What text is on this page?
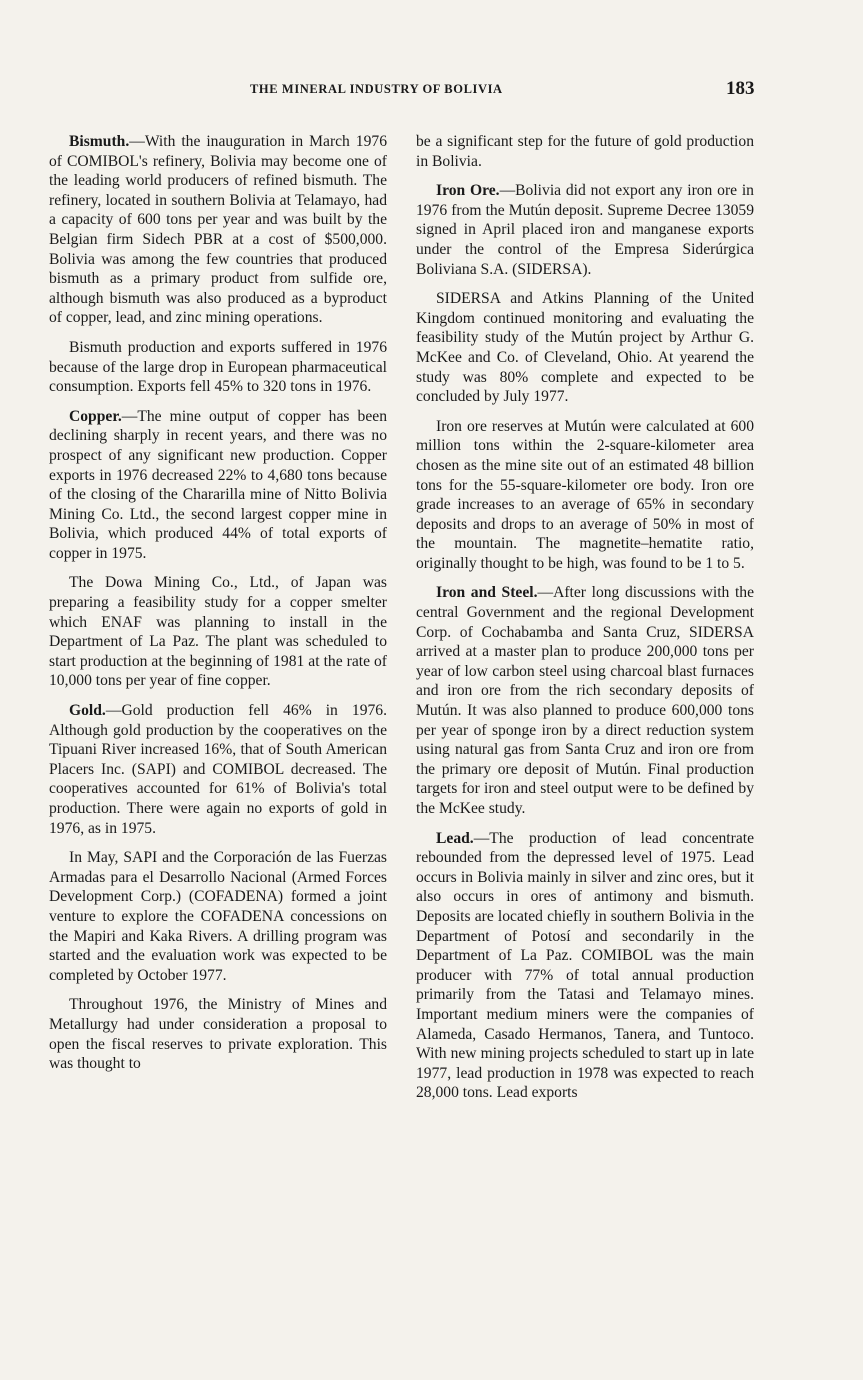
THE MINERAL INDUSTRY OF BOLIVIA	183

Bismuth.—With the inauguration in March 1976 of COMIBOL's refinery, Bolivia may become one of the leading world producers of refined bismuth. The refinery, located in southern Bolivia at Telamayo, had a capacity of 600 tons per year and was built by the Belgian firm Sidech PBR at a cost of $500,000. Bolivia was among the few countries that produced bismuth as a primary product from sulfide ore, although bismuth was also produced as a byproduct of copper, lead, and zinc mining operations.

Bismuth production and exports suffered in 1976 because of the large drop in European pharmaceutical consumption. Exports fell 45% to 320 tons in 1976.

Copper.—The mine output of copper has been declining sharply in recent years, and there was no prospect of any significant new production. Copper exports in 1976 decreased 22% to 4,680 tons because of the closing of the Chararilla mine of Nitto Bolivia Mining Co. Ltd., the second largest copper mine in Bolivia, which produced 44% of total exports of copper in 1975.

The Dowa Mining Co., Ltd., of Japan was preparing a feasibility study for a copper smelter which ENAF was planning to install in the Department of La Paz. The plant was scheduled to start production at the beginning of 1981 at the rate of 10,000 tons per year of fine copper.

Gold.—Gold production fell 46% in 1976. Although gold production by the cooperatives on the Tipuani River increased 16%, that of South American Placers Inc. (SAPI) and COMIBOL decreased. The cooperatives accounted for 61% of Bolivia's total production. There were again no exports of gold in 1976, as in 1975.

In May, SAPI and the Corporación de las Fuerzas Armadas para el Desarrollo Nacional (Armed Forces Development Corp.) (COFADENA) formed a joint venture to explore the COFADENA concessions on the Mapiri and Kaka Rivers. A drilling program was started and the evaluation work was expected to be completed by October 1977.

Throughout 1976, the Ministry of Mines and Metallurgy had under consideration a proposal to open the fiscal reserves to private exploration. This was thought to

be a significant step for the future of gold production in Bolivia.

Iron Ore.—Bolivia did not export any iron ore in 1976 from the Mutún deposit. Supreme Decree 13059 signed in April placed iron and manganese exports under the control of the Empresa Siderúrgica Boliviana S.A. (SIDERSA).

SIDERSA and Atkins Planning of the United Kingdom continued monitoring and evaluating the feasibility study of the Mutún project by Arthur G. McKee and Co. of Cleveland, Ohio. At yearend the study was 80% complete and expected to be concluded by July 1977.

Iron ore reserves at Mutún were calculated at 600 million tons within the 2-square-kilometer area chosen as the mine site out of an estimated 48 billion tons for the 55-square-kilometer ore body. Iron ore grade increases to an average of 65% in secondary deposits and drops to an average of 50% in most of the mountain. The magnetite–hematite ratio, originally thought to be high, was found to be 1 to 5.

Iron and Steel.—After long discussions with the central Government and the regional Development Corp. of Cochabamba and Santa Cruz, SIDERSA arrived at a master plan to produce 200,000 tons per year of low carbon steel using charcoal blast furnaces and iron ore from the rich secondary deposits of Mutún. It was also planned to produce 600,000 tons per year of sponge iron by a direct reduction system using natural gas from Santa Cruz and iron ore from the primary ore deposit of Mutún. Final production targets for iron and steel output were to be defined by the McKee study.

Lead.—The production of lead concentrate rebounded from the depressed level of 1975. Lead occurs in Bolivia mainly in silver and zinc ores, but it also occurs in ores of antimony and bismuth. Deposits are located chiefly in southern Bolivia in the Department of Potosí and secondarily in the Department of La Paz. COMIBOL was the main producer with 77% of total annual production primarily from the Tatasi and Telamayo mines. Important medium miners were the companies of Alameda, Casado Hermanos, Tanera, and Tuntoco. With new mining projects scheduled to start up in late 1977, lead production in 1978 was expected to reach 28,000 tons. Lead exports
